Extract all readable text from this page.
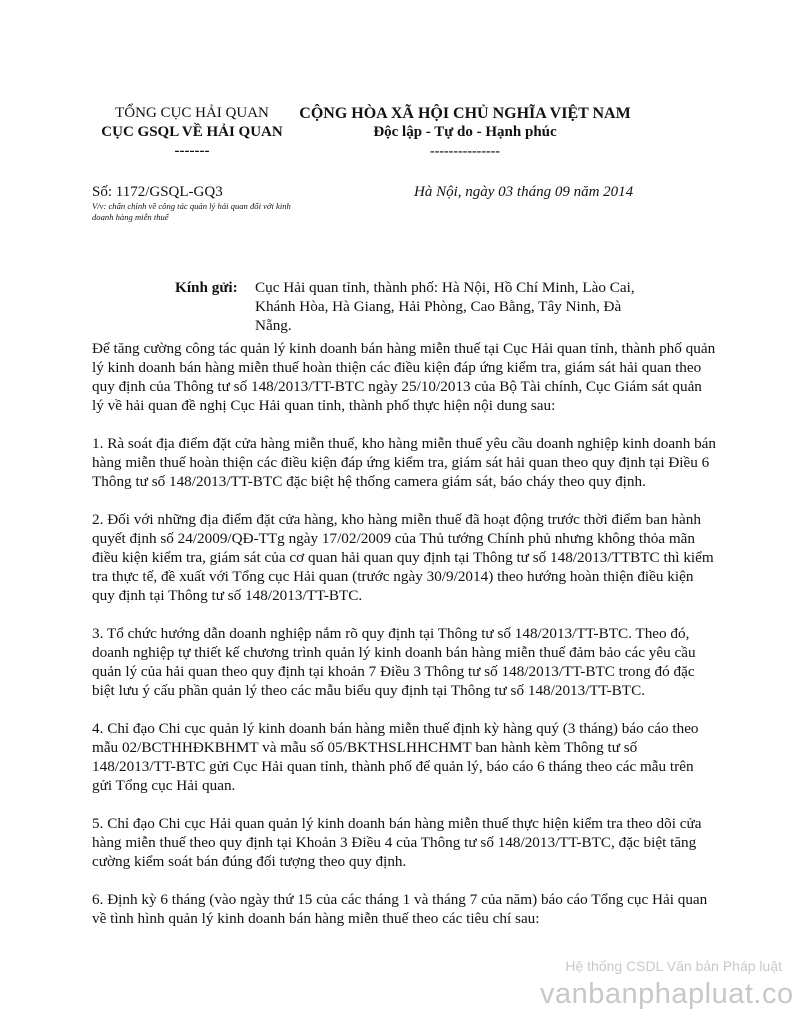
TỔNG CỤC HẢI QUAN
CỤC GSQL VỀ HẢI QUAN
-------
CỘNG HÒA XÃ HỘI CHỦ NGHĨA VIỆT NAM
Độc lập - Tự do - Hạnh phúc
---------------
Số: 1172/GSQL-GQ3
V/v: chấn chỉnh về công tác quản lý hải quan đối với kinh doanh hàng miễn thuế
Hà Nội, ngày 03 tháng 09 năm 2014
Kính gửi:	Cục Hải quan tỉnh, thành phố: Hà Nội, Hồ Chí Minh, Lào Cai, Khánh Hòa, Hà Giang, Hải Phòng, Cao Bằng, Tây Ninh, Đà Nẵng.

Để tăng cường công tác quản lý kinh doanh bán hàng miễn thuế tại Cục Hải quan tỉnh, thành phố quản lý kinh doanh bán hàng miễn thuế hoàn thiện các điều kiện đáp ứng kiểm tra, giám sát hải quan theo quy định của Thông tư số 148/2013/TT-BTC ngày 25/10/2013 của Bộ Tài chính, Cục Giám sát quản lý về hải quan đề nghị Cục Hải quan tỉnh, thành phố thực hiện nội dung sau:

1. Rà soát địa điểm đặt cửa hàng miễn thuế, kho hàng miễn thuế yêu cầu doanh nghiệp kinh doanh bán hàng miễn thuế hoàn thiện các điều kiện đáp ứng kiểm tra, giám sát hải quan theo quy định tại Điều 6 Thông tư số 148/2013/TT-BTC đặc biệt hệ thống camera giám sát, báo cháy theo quy định.

2. Đối với những địa điểm đặt cửa hàng, kho hàng miễn thuế đã hoạt động trước thời điểm ban hành quyết định số 24/2009/QĐ-TTg ngày 17/02/2009 của Thủ tướng Chính phủ nhưng không thỏa mãn điều kiện kiểm tra, giám sát của cơ quan hải quan quy định tại Thông tư số 148/2013/TTBTC thì kiểm tra thực tế, đề xuất với Tổng cục Hải quan (trước ngày 30/9/2014) theo hướng hoàn thiện điều kiện quy định tại Thông tư số 148/2013/TT-BTC.

3. Tổ chức hướng dẫn doanh nghiệp nắm rõ quy định tại Thông tư số 148/2013/TT-BTC. Theo đó, doanh nghiệp tự thiết kế chương trình quản lý kinh doanh bán hàng miễn thuế đảm bảo các yêu cầu quản lý của hải quan theo quy định tại khoản 7 Điều 3 Thông tư số 148/2013/TT-BTC trong đó đặc biệt lưu ý cấu phần quản lý theo các mẫu biểu quy định tại Thông tư số 148/2013/TT-BTC.

4. Chỉ đạo Chi cục quản lý kinh doanh bán hàng miễn thuế định kỳ hàng quý (3 tháng) báo cáo theo mẫu 02/BCTHHĐKBHMT và mẫu số 05/BKTHSLHHCHMT ban hành kèm Thông tư số 148/2013/TT-BTC gửi Cục Hải quan tỉnh, thành phố để quản lý, báo cáo 6 tháng theo các mẫu trên gửi Tổng cục Hải quan.

5. Chỉ đạo Chi cục Hải quan quản lý kinh doanh bán hàng miễn thuế thực hiện kiểm tra theo dõi cửa hàng miễn thuế theo quy định tại Khoản 3 Điều 4 của Thông tư số 148/2013/TT-BTC, đặc biệt tăng cường kiểm soát bán đúng đối tượng theo quy định.

6. Định kỳ 6 tháng (vào ngày thứ 15 của các tháng 1 và tháng 7 của năm) báo cáo Tổng cục Hải quan về tình hình quản lý kinh doanh bán hàng miễn thuế theo các tiêu chí sau:

Hệ thống CSDL Văn bản Pháp luật
vanbanphapluat.co
